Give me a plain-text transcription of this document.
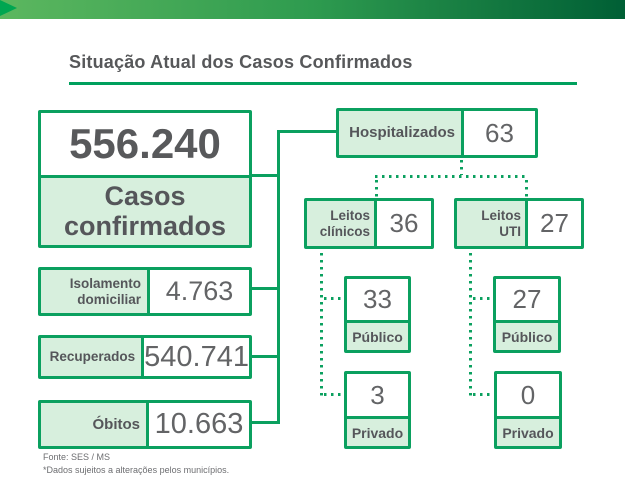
Situação Atual dos Casos Confirmados
556.240
Casos confirmados
Isolamento domiciliar 4.763
Recuperados 540.741
Óbitos 10.663
Hospitalizados	63
Leitos clínicos 36	Leitos UTI 27
33
Público
27
Público
3
Privado
0
Privado
Fonte: SES / MS
*Dados sujeitos a alterações pelos municípios.
